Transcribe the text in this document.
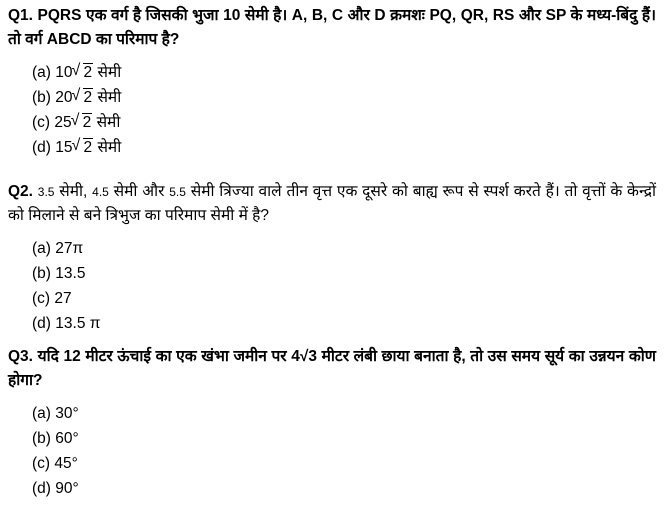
Q1. PQRS एक वर्ग है जिसकी भुजा 10 सेमी है। A, B, C और D क्रमशः PQ, QR, RS और SP के मध्य-बिंदु हैं। तो वर्ग ABCD का परिमाप है?
(a) 10 √ 2 सेमी
(b) 20 √ 2 सेमी
(c) 25 √ 2 सेमी
(d) 15 √ 2 सेमी
Q2. 3.5 सेमी, 4.5 सेमी और 5.5 सेमी त्रिज्या वाले तीन वृत्त एक दूसरे को बाह्य रूप से स्पर्श करते हैं। तो वृत्तों के केन्द्रों को मिलाने से बने त्रिभुज का परिमाप सेमी में है?
(a) 27π
(b) 13.5
(c) 27
(d) 13.5 π
Q3. यदि 12 मीटर ऊंचाई का एक खंभा जमीन पर 4√3 मीटर लंबी छाया बनाता है, तो उस समय सूर्य का उन्नयन कोण होगा?
(a) 30°
(b) 60°
(c) 45°
(d) 90°
